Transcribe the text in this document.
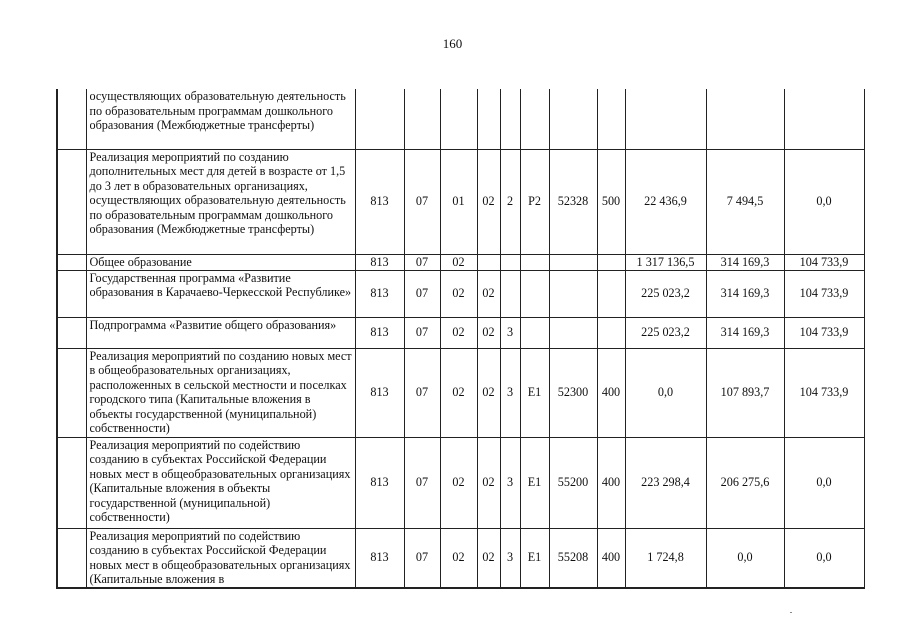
160
	осуществляющих образовательную деятельность по образовательным программам дошкольного образования (Межбюджетные трансферты)											
	Реализация мероприятий по созданию дополнительных мест для детей в возрасте от 1,5 до 3 лет в образовательных организациях, осуществляющих образовательную деятельность по образовательным программам дошкольного образования (Межбюджетные трансферты)	813	07	01	02	2	P2	52328	500	22 436,9	7 494,5	0,0
	Общее образование	813	07	02						1 317 136,5	314 169,3	104 733,9
	Государственная программа «Развитие образования в Карачаево-Черкесской Республике»	813	07	02	02					225 023,2	314 169,3	104 733,9
	Подпрограмма «Развитие общего образования»	813	07	02	02	3				225 023,2	314 169,3	104 733,9
	Реализация мероприятий по созданию новых мест в общеобразовательных организациях, расположенных в сельской местности и поселках городского типа (Капитальные вложения в объекты государственной (муниципальной) собственности)	813	07	02	02	3	E1	52300	400	0,0	107 893,7	104 733,9
	Реализация мероприятий по содействию созданию в субъектах Российской Федерации новых мест в общеобразовательных организациях (Капитальные вложения в объекты государственной (муниципальной) собственности)	813	07	02	02	3	E1	55200	400	223 298,4	206 275,6	0,0
	Реализация мероприятий по содействию созданию в субъектах Российской Федерации новых мест в общеобразовательных организациях (Капитальные вложения в	813	07	02	02	3	E1	55208	400	1 724,8	0,0	0,0
